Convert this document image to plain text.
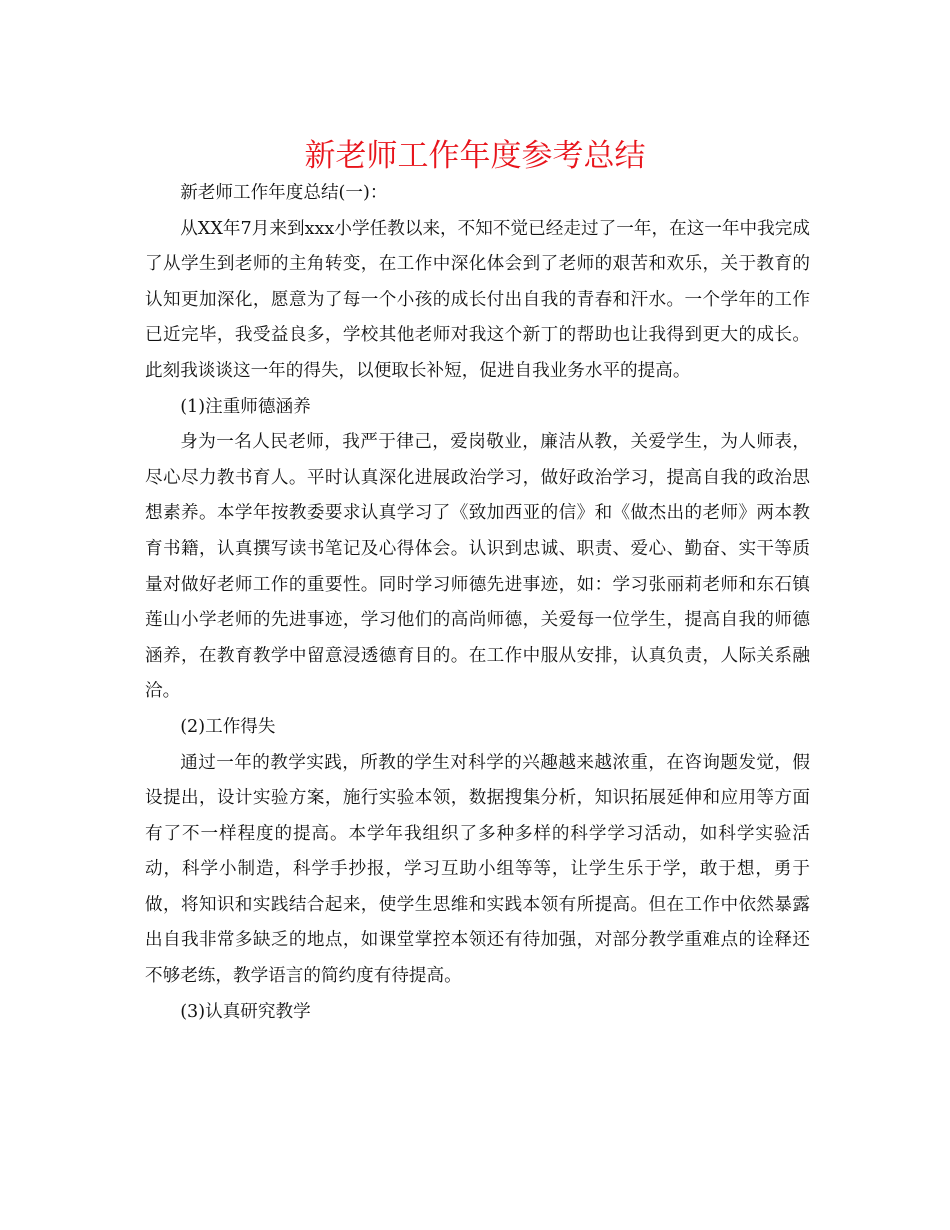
新老师工作年度参考总结

新老师工作年度总结(一)：

从XX年7月来到xxx小学任教以来，不知不觉已经走过了一年，在这一年中我完成了从学生到老师的主角转变，在工作中深化体会到了老师的艰苦和欢乐，关于教育的认知更加深化，愿意为了每一个小孩的成长付出自我的青春和汗水。一个学年的工作已近完毕，我受益良多，学校其他老师对我这个新丁的帮助也让我得到更大的成长。此刻我谈谈这一年的得失，以便取长补短，促进自我业务水平的提高。

(1)注重师德涵养

身为一名人民老师，我严于律己，爱岗敬业，廉洁从教，关爱学生，为人师表，尽心尽力教书育人。平时认真深化进展政治学习，做好政治学习，提高自我的政治思想素养。本学年按教委要求认真学习了《致加西亚的信》和《做杰出的老师》两本教育书籍，认真撰写读书笔记及心得体会。认识到忠诚、职责、爱心、勤奋、实干等质量对做好老师工作的重要性。同时学习师德先进事迹，如：学习张丽莉老师和东石镇莲山小学老师的先进事迹，学习他们的高尚师德，关爱每一位学生，提高自我的师德涵养，在教育教学中留意浸透德育目的。在工作中服从安排，认真负责，人际关系融洽。

(2)工作得失

通过一年的教学实践，所教的学生对科学的兴趣越来越浓重，在咨询题发觉，假设提出，设计实验方案，施行实验本领，数据搜集分析，知识拓展延伸和应用等方面有了不一样程度的提高。本学年我组织了多种多样的科学学习活动，如科学实验活动，科学小制造，科学手抄报，学习互助小组等等，让学生乐于学，敢于想，勇于做，将知识和实践结合起来，使学生思维和实践本领有所提高。但在工作中依然暴露出自我非常多缺乏的地点，如课堂掌控本领还有待加强，对部分教学重难点的诠释还不够老练，教学语言的简约度有待提高。

(3)认真研究教学
